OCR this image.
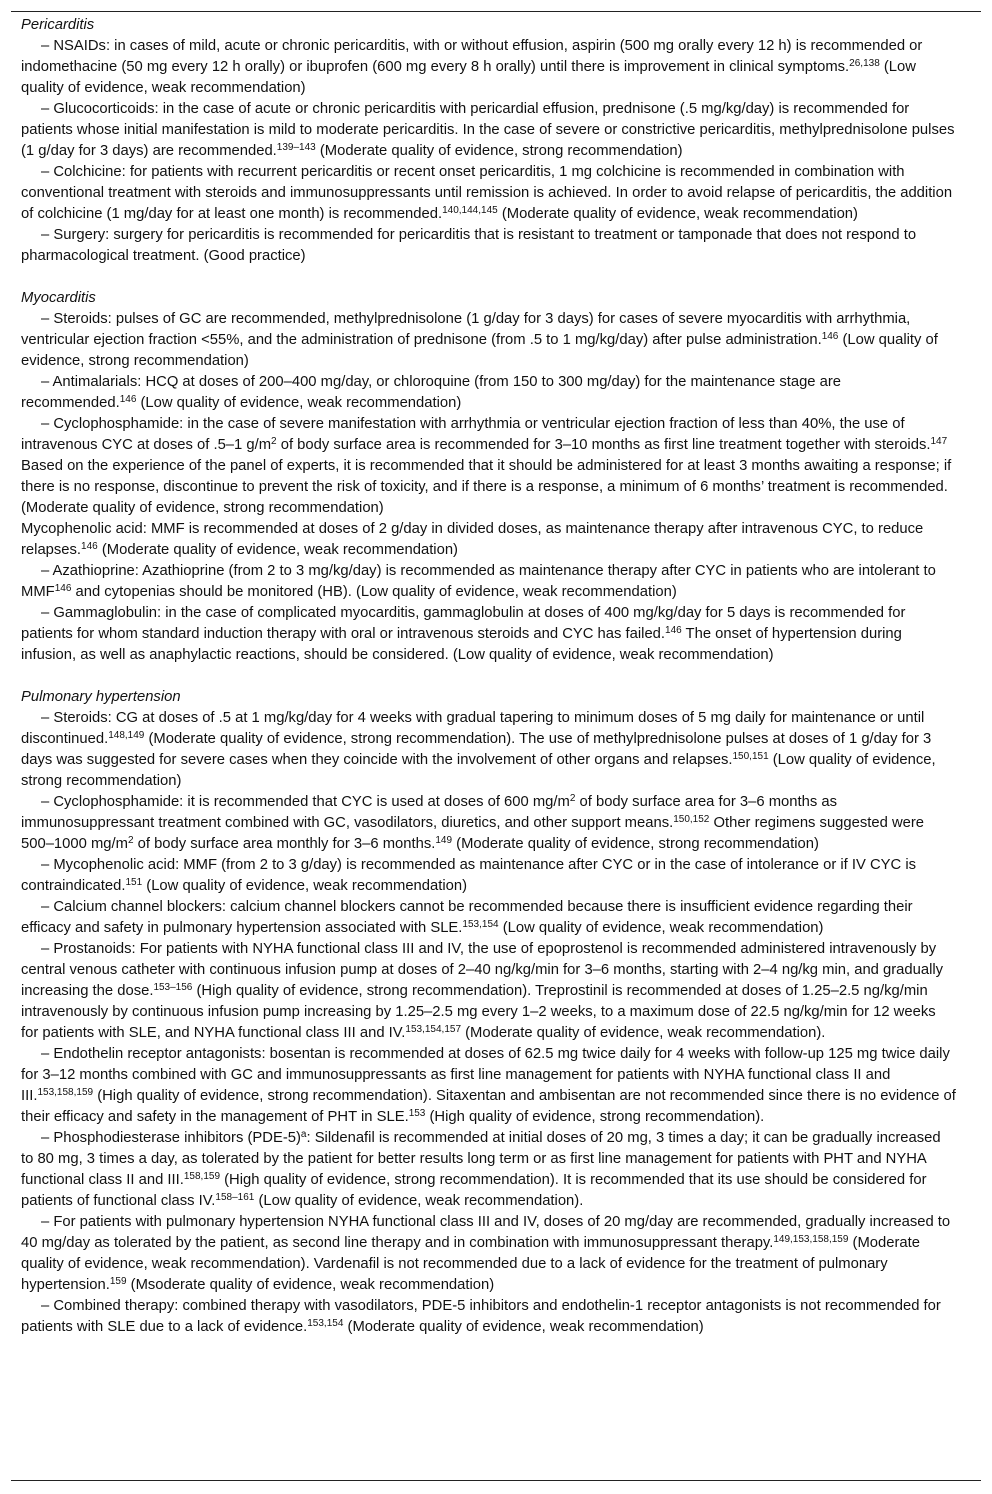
Pericarditis
– NSAIDs: in cases of mild, acute or chronic pericarditis, with or without effusion, aspirin (500 mg orally every 12 h) is recommended or indomethacine (50 mg every 12 h orally) or ibuprofen (600 mg every 8 h orally) until there is improvement in clinical symptoms.$^{26,138}$ (Low quality of evidence, weak recommendation)
– Glucocorticoids: in the case of acute or chronic pericarditis with pericardial effusion, prednisone (.5 mg/kg/day) is recommended for patients whose initial manifestation is mild to moderate pericarditis. In the case of severe or constrictive pericarditis, methylprednisolone pulses (1 g/day for 3 days) are recommended.$^{139-143}$ (Moderate quality of evidence, strong recommendation)
– Colchicine: for patients with recurrent pericarditis or recent onset pericarditis, 1 mg colchicine is recommended in combination with conventional treatment with steroids and immunosuppressants until remission is achieved. In order to avoid relapse of pericarditis, the addition of colchicine (1 mg/day for at least one month) is recommended.$^{140,144,145}$ (Moderate quality of evidence, weak recommendation)
– Surgery: surgery for pericarditis is recommended for pericarditis that is resistant to treatment or tamponade that does not respond to pharmacological treatment. (Good practice)
Myocarditis
– Steroids: pulses of GC are recommended, methylprednisolone (1 g/day for 3 days) for cases of severe myocarditis with arrhythmia, ventricular ejection fraction <55%, and the administration of prednisone (from .5 to 1 mg/kg/day) after pulse administration.$^{146}$ (Low quality of evidence, strong recommendation)
– Antimalarials: HCQ at doses of 200–400 mg/day, or chloroquine (from 150 to 300 mg/day) for the maintenance stage are recommended.$^{146}$ (Low quality of evidence, weak recommendation)
– Cyclophosphamide: in the case of severe manifestation with arrhythmia or ventricular ejection fraction of less than 40%, the use of intravenous CYC at doses of .5–1 $g/m^2$ of body surface area is recommended for 3–10 months as first line treatment together with steroids.$^{147}$ Based on the experience of the panel of experts, it is recommended that it should be administered for at least 3 months awaiting a response; if there is no response, discontinue to prevent the risk of toxicity, and if there is a response, a minimum of 6 months’ treatment is recommended. (Moderate quality of evidence, strong recommendation)
Mycophenolic acid: MMF is recommended at doses of 2 g/day in divided doses, as maintenance therapy after intravenous CYC, to reduce relapses.$^{146}$ (Moderate quality of evidence, weak recommendation)
– Azathioprine: Azathioprine (from 2 to 3 mg/kg/day) is recommended as maintenance therapy after CYC in patients who are intolerant to MMF$^{146}$ and cytopenias should be monitored (HB). (Low quality of evidence, weak recommendation)
– Gammaglobulin: in the case of complicated myocarditis, gammaglobulin at doses of 400 mg/kg/day for 5 days is recommended for patients for whom standard induction therapy with oral or intravenous steroids and CYC has failed.$^{146}$ The onset of hypertension during infusion, as well as anaphylactic reactions, should be considered. (Low quality of evidence, weak recommendation)
Pulmonary hypertension
– Steroids: CG at doses of .5 at 1 mg/kg/day for 4 weeks with gradual tapering to minimum doses of 5 mg daily for maintenance or until discontinued.$^{148,149}$ (Moderate quality of evidence, strong recommendation). The use of methylprednisolone pulses at doses of 1 g/day for 3 days was suggested for severe cases when they coincide with the involvement of other organs and relapses.$^{150,151}$ (Low quality of evidence, strong recommendation)
– Cyclophosphamide: it is recommended that CYC is used at doses of 600 $mg/m^2$ of body surface area for 3–6 months as immunosuppressant treatment combined with GC, vasodilators, diuretics, and other support means.$^{150,152}$ Other regimens suggested were 500–1000 $mg/m^2$ of body surface area monthly for 3–6 months.$^{149}$ (Moderate quality of evidence, strong recommendation)
– Mycophenolic acid: MMF (from 2 to 3 g/day) is recommended as maintenance after CYC or in the case of intolerance or if IV CYC is contraindicated.$^{151}$ (Low quality of evidence, weak recommendation)
– Calcium channel blockers: calcium channel blockers cannot be recommended because there is insufficient evidence regarding their efficacy and safety in pulmonary hypertension associated with SLE.$^{153,154}$ (Low quality of evidence, weak recommendation)
– Prostanoids: For patients with NYHA functional class III and IV, the use of epoprostenol is recommended administered intravenously by central venous catheter with continuous infusion pump at doses of 2–40 ng/kg/min for 3–6 months, starting with 2–4 ng/kg min, and gradually increasing the dose.$^{153-156}$ (High quality of evidence, strong recommendation). Treprostinil is recommended at doses of 1.25–2.5 ng/kg/min intravenously by continuous infusion pump increasing by 1.25–2.5 mg every 1–2 weeks, to a maximum dose of 22.5 ng/kg/min for 12 weeks for patients with SLE, and NYHA functional class III and IV.$^{153,154,157}$ (Moderate quality of evidence, weak recommendation).
– Endothelin receptor antagonists: bosentan is recommended at doses of 62.5 mg twice daily for 4 weeks with follow-up 125 mg twice daily for 3–12 months combined with GC and immunosuppressants as first line management for patients with NYHA functional class II and III.$^{153,158,159}$ (High quality of evidence, strong recommendation). Sitaxentan and ambisentan are not recommended since there is no evidence of their efficacy and safety in the management of PHT in SLE.$^{153}$ (High quality of evidence, strong recommendation).
– Phosphodiesterase inhibitors $(PDE-5)^a$: Sildenafil is recommended at initial doses of 20 mg, 3 times a day; it can be gradually increased to 80 mg, 3 times a day, as tolerated by the patient for better results long term or as first line management for patients with PHT and NYHA functional class II and III.$^{158,159}$ (High quality of evidence, strong recommendation). It is recommended that its use should be considered for patients of functional class IV.$^{158-161}$ (Low quality of evidence, weak recommendation).
– For patients with pulmonary hypertension NYHA functional class III and IV, doses of 20 mg/day are recommended, gradually increased to 40 mg/day as tolerated by the patient, as second line therapy and in combination with immunosuppressant therapy.$^{149,153,158,159}$ (Moderate quality of evidence, weak recommendation). Vardenafil is not recommended due to a lack of evidence for the treatment of pulmonary hypertension.$^{159}$ (Msoderate quality of evidence, weak recommendation)
– Combined therapy: combined therapy with vasodilators, PDE-5 inhibitors and endothelin-1 receptor antagonists is not recommended for patients with SLE due to a lack of evidence.$^{153,154}$ (Moderate quality of evidence, weak recommendation)
